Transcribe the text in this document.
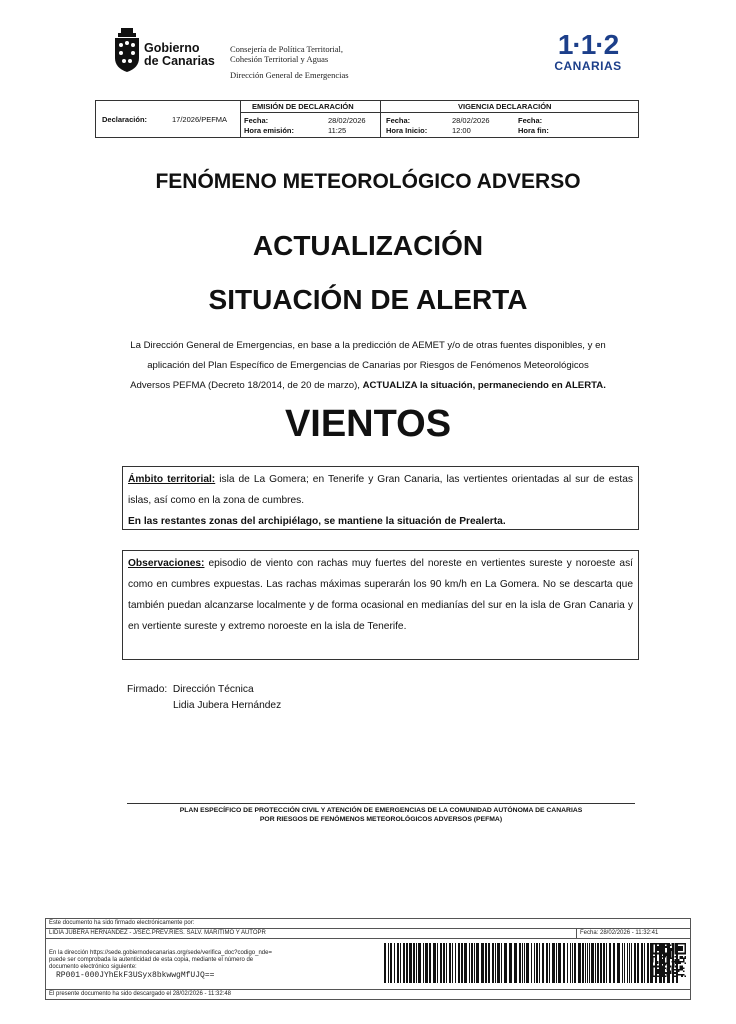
Gobierno
de Canarias
Consejería de Política Territorial,
Cohesión Territorial y Aguas
Dirección General de Emergencias
1·1·2
CANARIAS
Declaración:	17/2026/PEFMA
EMISIÓN DE DECLARACIÓN	VIGENCIA DECLARACIÓN
Fecha:	28/02/2026
Hora emisión:	11:25
Fecha:	28/02/2026
Hora Inicio:	12:00
Fecha:
Hora fin:
FENÓMENO METEOROLÓGICO ADVERSO
ACTUALIZACIÓN
SITUACIÓN DE ALERTA
La Dirección General de Emergencias, en base a la predicción de AEMET y/o de otras fuentes disponibles, y en aplicación del Plan Específico de Emergencias de Canarias por Riesgos de Fenómenos Meteorológicos Adversos PEFMA (Decreto 18/2014, de 20 de marzo), ACTUALIZA la situación, permaneciendo en ALERTA.
VIENTOS
Ámbito territorial: isla de La Gomera; en Tenerife y Gran Canaria, las vertientes orientadas al sur de estas islas, así como en la zona de cumbres.
En las restantes zonas del archipiélago, se mantiene la situación de Prealerta.
Observaciones: episodio de viento con rachas muy fuertes del noreste en vertientes sureste y noroeste así como en cumbres expuestas. Las rachas máximas superarán los 90 km/h en La Gomera. No se descarta que también puedan alcanzarse localmente y de forma ocasional en medianías del sur en la isla de Gran Canaria y en vertiente sureste y extremo noroeste en la isla de Tenerife.
Firmado: Dirección Técnica
Lidia Jubera Hernández
PLAN ESPECÍFICO DE PROTECCIÓN CIVIL Y ATENCIÓN DE EMERGENCIAS DE LA COMUNIDAD AUTÓNOMA DE CANARIAS
POR RIESGOS DE FENÓMENOS METEOROLÓGICOS ADVERSOS (PEFMA)
Este documento ha sido firmado electrónicamente por:
LIDIA JUBERA HERNANDEZ - J/SEC.PREV.RIES. SALV. MARITIMO Y AUTOPR	Fecha: 28/02/2026 - 11:32:41
En la dirección https://sede.gobiernodecanarias.org/sede/verifica_doc?codigo_nde=
puede ser comprobada la autenticidad de esta copia, mediante el número de
documento electrónico siguiente:
RP001-000JYhEkF3USyx8bkwwgMfUJQ==
El presente documento ha sido descargado el 28/02/2026 - 11:32:48
